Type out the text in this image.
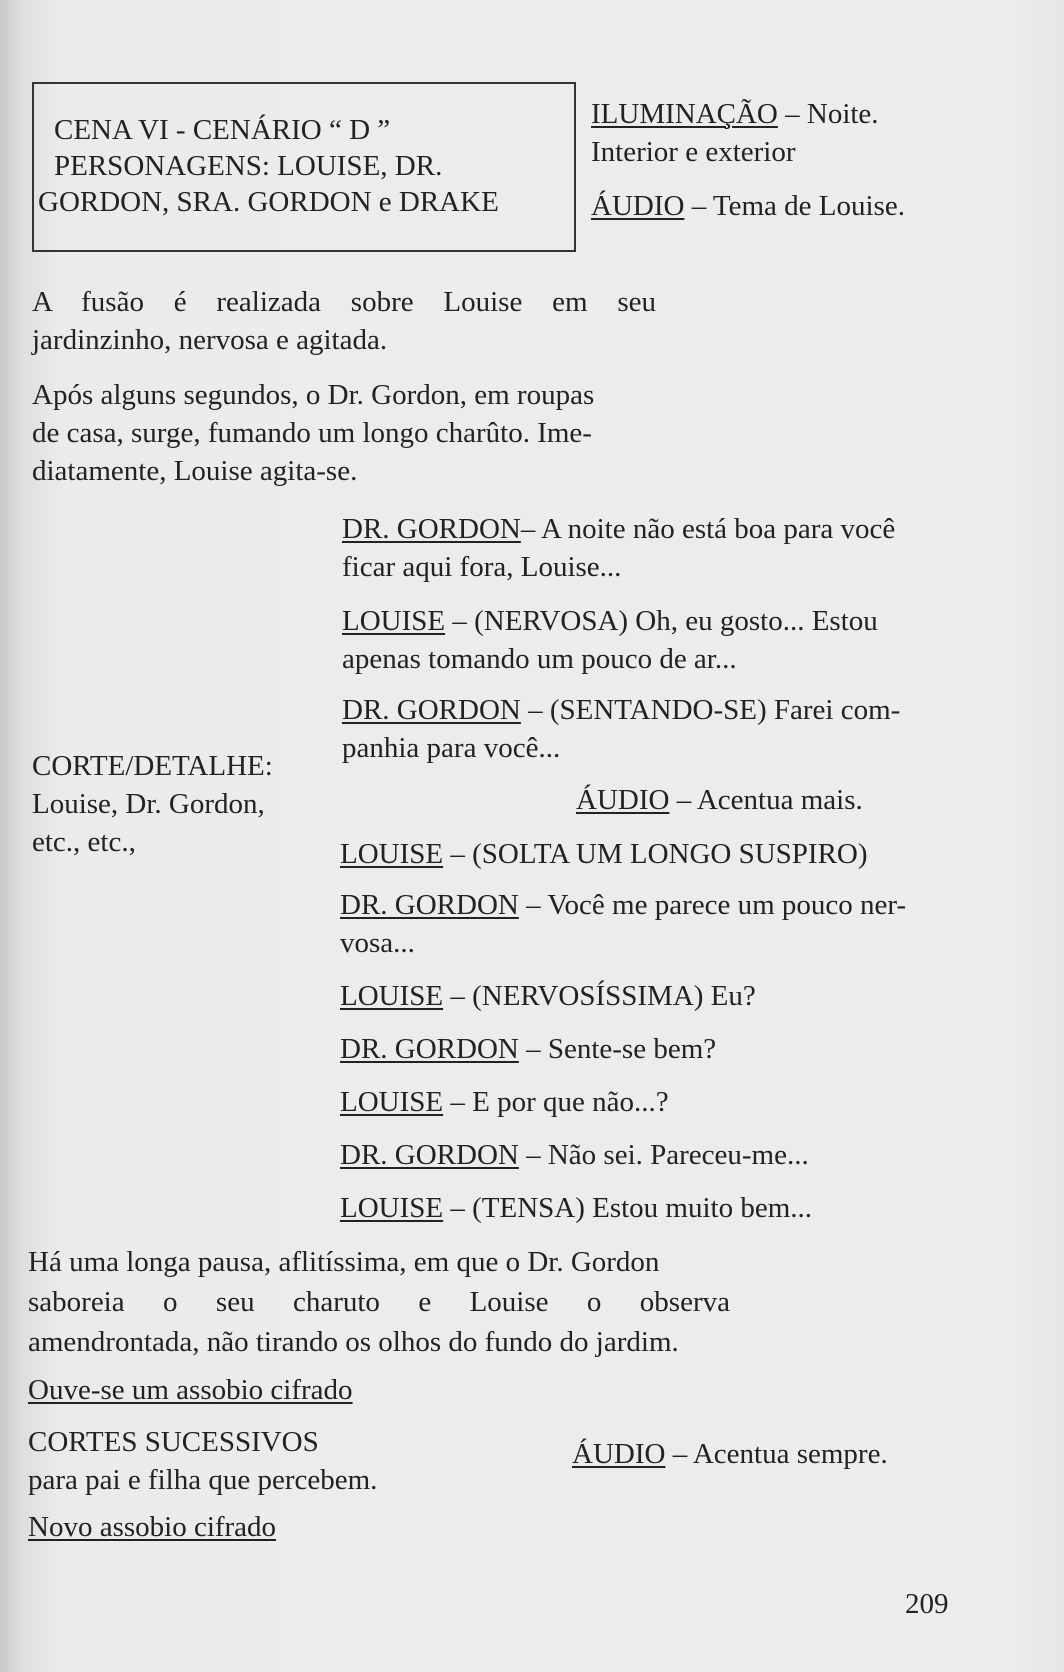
CENA VI - CENÁRIO “ D ”
PERSONAGENS: LOUISE, DR.
GORDON, SRA. GORDON e DRAKE
ILUMINAÇÃO – Noite.
Interior e exterior
ÁUDIO – Tema de Louise.
A fusão é realizada sobre Louise em seu
jardinzinho, nervosa e agitada.
Após alguns segundos, o Dr. Gordon, em roupas
de casa, surge, fumando um longo charûto. Ime-
diatamente, Louise agita-se.
DR. GORDON– A noite não está boa para você
ficar aqui fora, Louise...
LOUISE – (NERVOSA) Oh, eu gosto... Estou
apenas tomando um pouco de ar...
DR. GORDON – (SENTANDO-SE) Farei com-
panhia para você...
CORTE/DETALHE:
Louise, Dr. Gordon,
etc., etc.,
ÁUDIO – Acentua mais.
LOUISE – (SOLTA UM LONGO SUSPIRO)
DR. GORDON – Você me parece um pouco ner-
vosa...
LOUISE – (NERVOSÍSSIMA) Eu?
DR. GORDON – Sente-se bem?
LOUISE – E por que não...?
DR. GORDON – Não sei. Pareceu-me...
LOUISE – (TENSA) Estou muito bem...
Há uma longa pausa, aflitíssima, em que o Dr. Gordon
saboreia o seu charuto e Louise o observa
amendrontada, não tirando os olhos do fundo do jardim.
Ouve-se um assobio cifrado
CORTES SUCESSIVOS
para pai e filha que percebem.
ÁUDIO – Acentua sempre.
Novo assobio cifrado
209
